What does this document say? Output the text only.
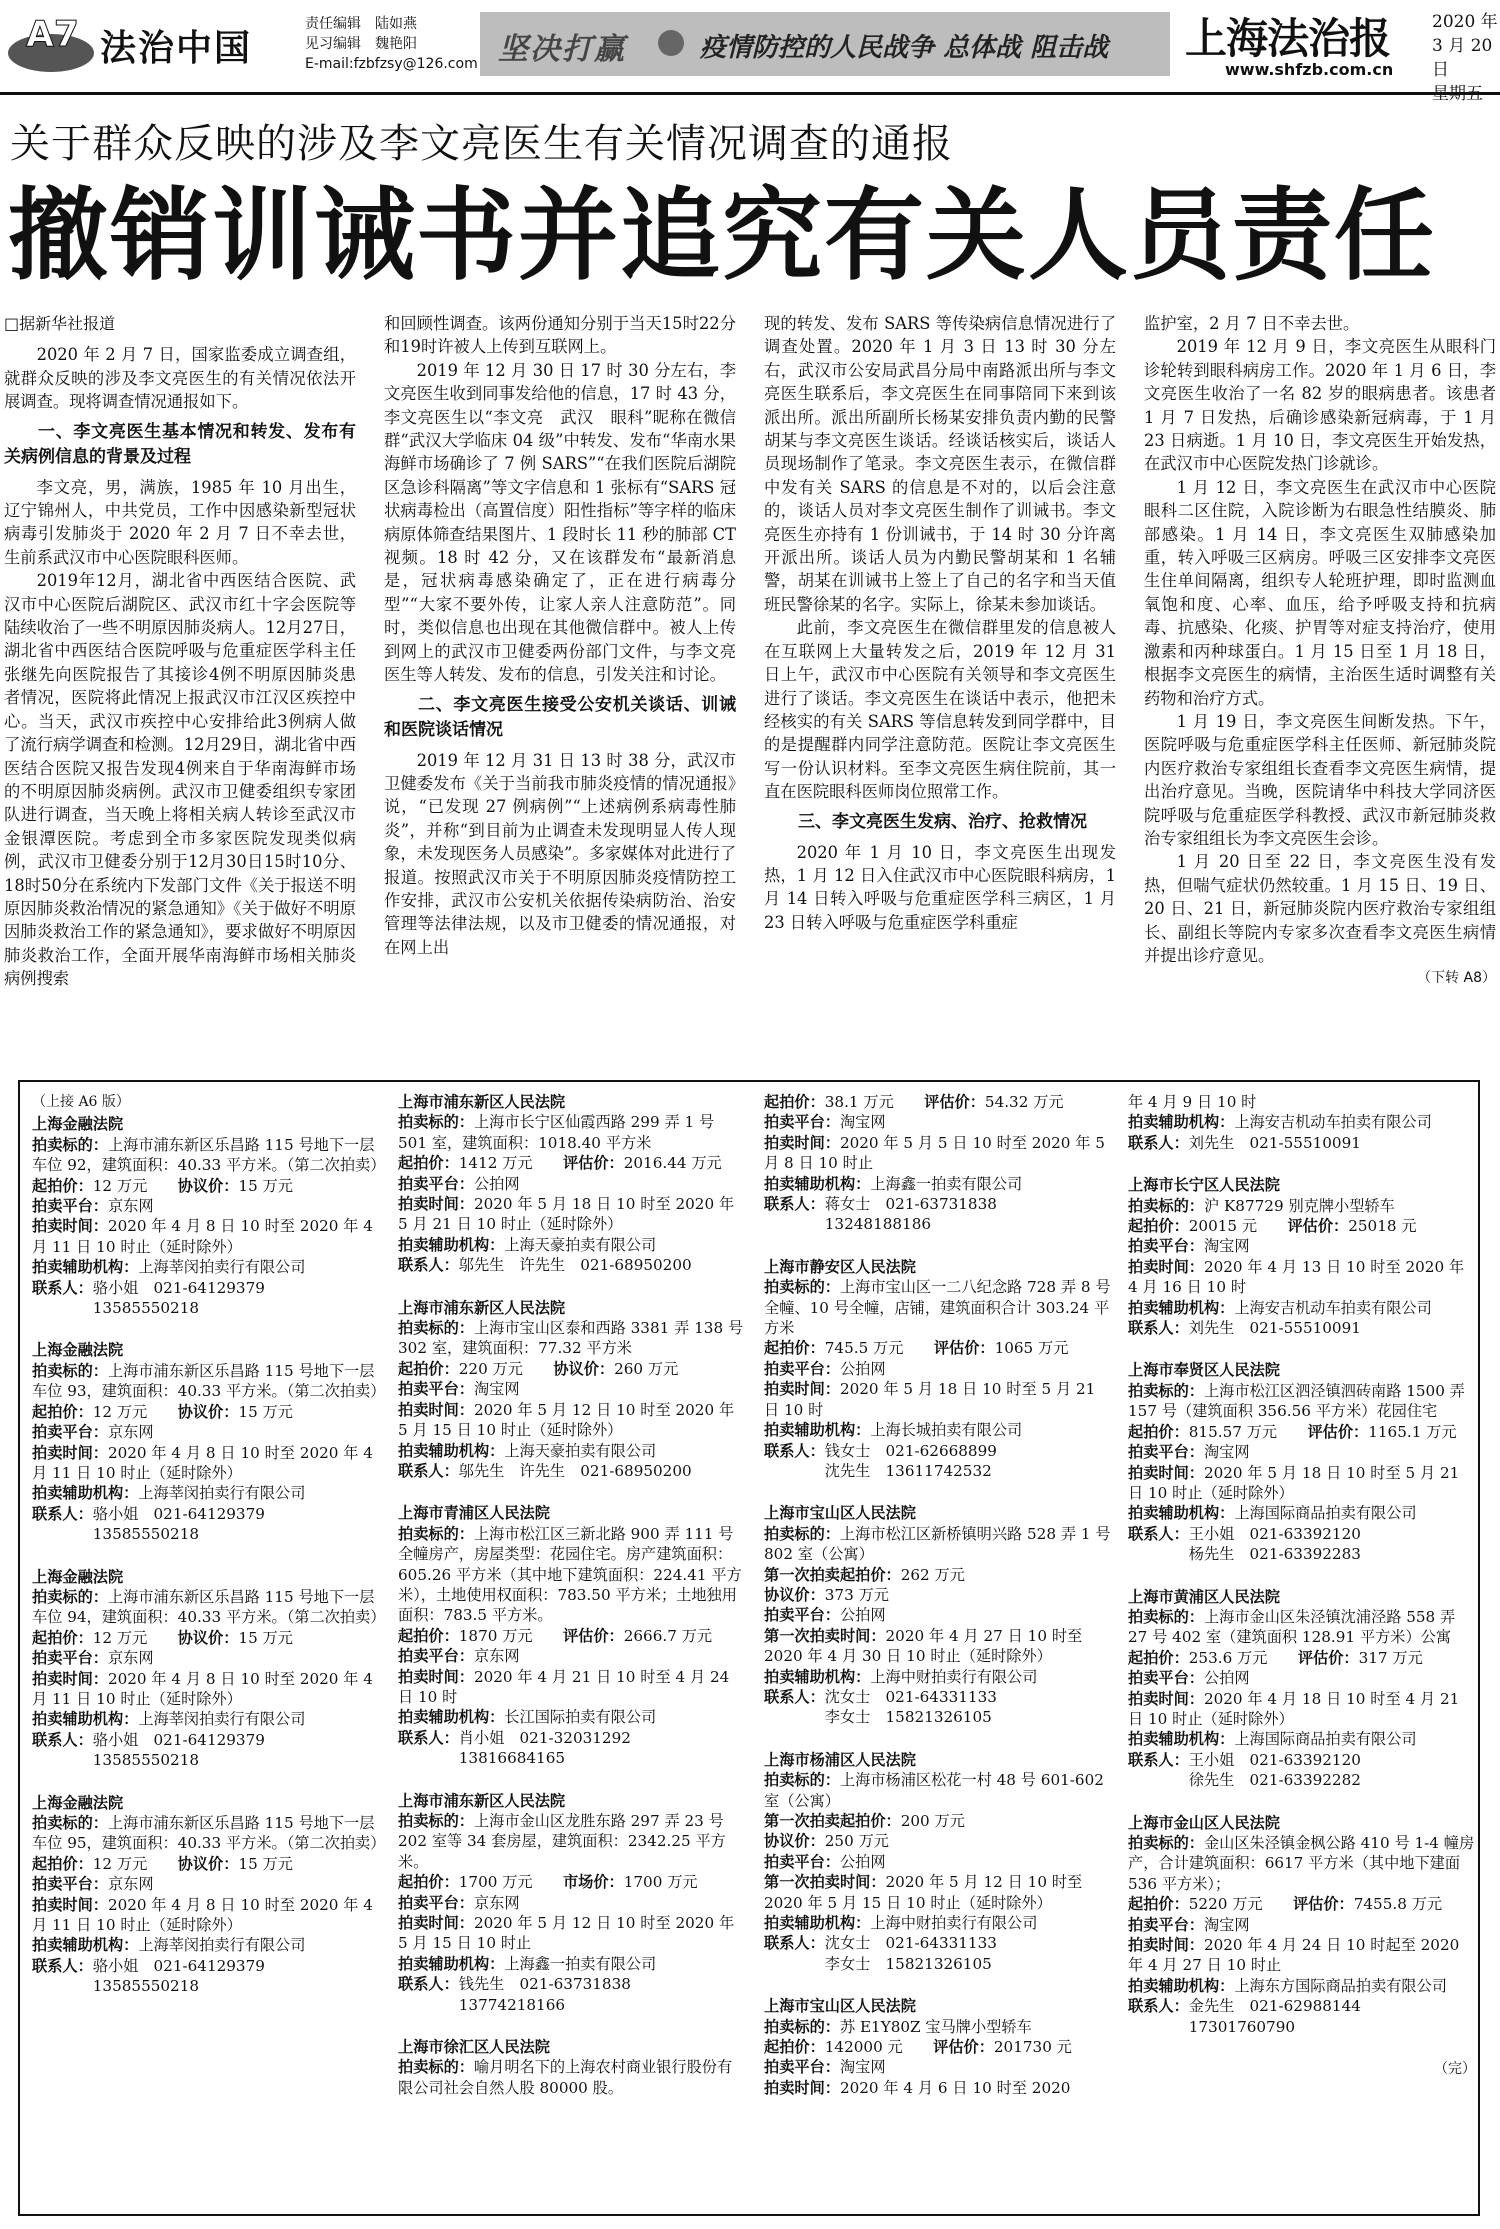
A7 法治中国
责任编辑　陆如燕
见习编辑　魏艳阳
E-mail:fzbfzsy@126.com 坚决打赢	疫情防控的人民战争 总体战 阻击战 上海法治报
www.shfzb.com.cn
2020 年
3 月 20 日
星期五
关于群众反映的涉及李文亮医生有关情况调查的通报
撤销训诫书并追究有关人员责任

□据新华社报道

2020 年 2 月 7 日，国家监委成立调查组，就群众反映的涉及李文亮医生的有关情况依法开展调查。现将调查情况通报如下。

一、李文亮医生基本情况和转发、发布有关病例信息的背景及过程

李文亮，男，满族，1985 年 10 月出生，辽宁锦州人，中共党员，工作中因感染新型冠状病毒引发肺炎于 2020 年 2 月 7 日不幸去世，生前系武汉市中心医院眼科医师。

2019年12月，湖北省中西医结合医院、武汉市中心医院后湖院区、武汉市红十字会医院等陆续收治了一些不明原因肺炎病人。12月27日，湖北省中西医结合医院呼吸与危重症医学科主任张继先向医院报告了其接诊4例不明原因肺炎患者情况，医院将此情况上报武汉市江汉区疾控中心。当天，武汉市疾控中心安排给此3例病人做了流行病学调查和检测。12月29日，湖北省中西医结合医院又报告发现4例来自于华南海鲜市场的不明原因肺炎病例。武汉市卫健委组织专家团队进行调查，当天晚上将相关病人转诊至武汉市金银潭医院。考虑到全市多家医院发现类似病例，武汉市卫健委分别于12月30日15时10分、18时50分在系统内下发部门文件《关于报送不明原因肺炎救治情况的紧急通知》《关于做好不明原因肺炎救治工作的紧急通知》，要求做好不明原因肺炎救治工作，全面开展华南海鲜市场相关肺炎病例搜索

和回顾性调查。该两份通知分别于当天15时22分和19时许被人上传到互联网上。

2019 年 12 月 30 日 17 时 30 分左右，李文亮医生收到同事发给他的信息，17 时 43 分，李文亮医生以“李文亮　武汉　眼科”昵称在微信群“武汉大学临床 04 级”中转发、发布“华南水果海鲜市场确诊了 7 例 SARS”“在我们医院后湖院区急诊科隔离”等文字信息和 1 张标有“SARS 冠状病毒检出（高置信度）阳性指标”等字样的临床病原体筛查结果图片、1 段时长 11 秒的肺部 CT 视频。18 时 42 分，又在该群发布“最新消息是，冠状病毒感染确定了，正在进行病毒分型”“大家不要外传，让家人亲人注意防范”。同时，类似信息也出现在其他微信群中。被人上传到网上的武汉市卫健委两份部门文件，与李文亮医生等人转发、发布的信息，引发关注和讨论。

二、李文亮医生接受公安机关谈话、训诫和医院谈话情况

2019 年 12 月 31 日 13 时 38 分，武汉市卫健委发布《关于当前我市肺炎疫情的情况通报》说，“已发现 27 例病例”“上述病例系病毒性肺炎”，并称“到目前为止调查未发现明显人传人现象，未发现医务人员感染”。多家媒体对此进行了报道。按照武汉市关于不明原因肺炎疫情防控工作安排，武汉市公安机关依据传染病防治、治安管理等法律法规，以及市卫健委的情况通报，对在网上出

现的转发、发布 SARS 等传染病信息情况进行了调查处置。2020 年 1 月 3 日 13 时 30 分左右，武汉市公安局武昌分局中南路派出所与李文亮医生联系后，李文亮医生在同事陪同下来到该派出所。派出所副所长杨某安排负责内勤的民警胡某与李文亮医生谈话。经谈话核实后，谈话人员现场制作了笔录。李文亮医生表示，在微信群中发有关 SARS 的信息是不对的，以后会注意的，谈话人员对李文亮医生制作了训诫书。李文亮医生亦持有 1 份训诫书，于 14 时 30 分许离开派出所。谈话人员为内勤民警胡某和 1 名辅警，胡某在训诫书上签上了自己的名字和当天值班民警徐某的名字。实际上，徐某未参加谈话。

此前，李文亮医生在微信群里发的信息被人在互联网上大量转发之后，2019 年 12 月 31 日上午，武汉市中心医院有关领导和李文亮医生进行了谈话。李文亮医生在谈话中表示，他把未经核实的有关 SARS 等信息转发到同学群中，目的是提醒群内同学注意防范。医院让李文亮医生写一份认识材料。至李文亮医生病住院前，其一直在医院眼科医师岗位照常工作。

三、李文亮医生发病、治疗、抢救情况

2020 年 1 月 10 日，李文亮医生出现发热，1 月 12 日入住武汉市中心医院眼科病房，1 月 14 日转入呼吸与危重症医学科三病区，1 月 23 日转入呼吸与危重症医学科重症

监护室，2 月 7 日不幸去世。

2019 年 12 月 9 日，李文亮医生从眼科门诊轮转到眼科病房工作。2020 年 1 月 6 日，李文亮医生收治了一名 82 岁的眼病患者。该患者 1 月 7 日发热，后确诊感染新冠病毒，于 1 月 23 日病逝。1 月 10 日，李文亮医生开始发热，在武汉市中心医院发热门诊就诊。

1 月 12 日，李文亮医生在武汉市中心医院眼科二区住院，入院诊断为右眼急性结膜炎、肺部感染。1 月 14 日，李文亮医生双肺感染加重，转入呼吸三区病房。呼吸三区安排李文亮医生住单间隔离，组织专人轮班护理，即时监测血氧饱和度、心率、血压，给予呼吸支持和抗病毒、抗感染、化痰、护胃等对症支持治疗，使用激素和丙种球蛋白。1 月 15 日至 1 月 18 日，根据李文亮医生的病情，主治医生适时调整有关药物和治疗方式。

1 月 19 日，李文亮医生间断发热。下午，医院呼吸与危重症医学科主任医师、新冠肺炎院内医疗救治专家组组长查看李文亮医生病情，提出治疗意见。当晚，医院请华中科技大学同济医院呼吸与危重症医学科教授、武汉市新冠肺炎救治专家组组长为李文亮医生会诊。

1 月 20 日至 22 日，李文亮医生没有发热，但喘气症状仍然较重。1 月 15 日、19 日、20 日、21 日，新冠肺炎院内医疗救治专家组组长、副组长等院内专家多次查看李文亮医生病情并提出诊疗意见。

（下转 A8）

（上接 A6 版）
上海金融法院
拍卖标的：上海市浦东新区乐昌路 115 号地下一层车位 92，建筑面积：40.33 平方米。（第二次拍卖）
起拍价：12 万元　　协议价：15 万元
拍卖平台：京东网
拍卖时间：2020 年 4 月 8 日 10 时至 2020 年 4 月 11 日 10 时止（延时除外）
拍卖辅助机构：上海莘闵拍卖行有限公司
联系人：骆小姐　021-64129379
　　　　13585550218
上海金融法院
拍卖标的：上海市浦东新区乐昌路 115 号地下一层车位 93，建筑面积：40.33 平方米。（第二次拍卖）
起拍价：12 万元　　协议价：15 万元
拍卖平台：京东网
拍卖时间：2020 年 4 月 8 日 10 时至 2020 年 4 月 11 日 10 时止（延时除外）
拍卖辅助机构：上海莘闵拍卖行有限公司
联系人：骆小姐　021-64129379
　　　　13585550218
上海金融法院
拍卖标的：上海市浦东新区乐昌路 115 号地下一层车位 94，建筑面积：40.33 平方米。（第二次拍卖）
起拍价：12 万元　　协议价：15 万元
拍卖平台：京东网
拍卖时间：2020 年 4 月 8 日 10 时至 2020 年 4 月 11 日 10 时止（延时除外）
拍卖辅助机构：上海莘闵拍卖行有限公司
联系人：骆小姐　021-64129379
　　　　13585550218
上海金融法院
拍卖标的：上海市浦东新区乐昌路 115 号地下一层车位 95，建筑面积：40.33 平方米。（第二次拍卖）
起拍价：12 万元　　协议价：15 万元
拍卖平台：京东网
拍卖时间：2020 年 4 月 8 日 10 时至 2020 年 4 月 11 日 10 时止（延时除外）
拍卖辅助机构：上海莘闵拍卖行有限公司
联系人：骆小姐　021-64129379
　　　　13585550218
上海市浦东新区人民法院
拍卖标的：上海市长宁区仙霞西路 299 弄 1 号 501 室，建筑面积：1018.40 平方米
起拍价：1412 万元　　评估价：2016.44 万元
拍卖平台：公拍网
拍卖时间：2020 年 5 月 18 日 10 时至 2020 年 5 月 21 日 10 时止（延时除外）
拍卖辅助机构：上海天豪拍卖有限公司
联系人：邬先生　许先生　021-68950200
上海市浦东新区人民法院
拍卖标的：上海市宝山区泰和西路 3381 弄 138 号 302 室，建筑面积：77.32 平方米
起拍价：220 万元　　协议价：260 万元
拍卖平台：淘宝网
拍卖时间：2020 年 5 月 12 日 10 时至 2020 年 5 月 15 日 10 时止（延时除外）
拍卖辅助机构：上海天豪拍卖有限公司
联系人：邬先生　许先生　021-68950200
上海市青浦区人民法院
拍卖标的：上海市松江区三新北路 900 弄 111 号全幢房产，房屋类型：花园住宅。房产建筑面积：605.26 平方米（其中地下建筑面积：224.41 平方米），土地使用权面积：783.50 平方米；土地独用面积：783.5 平方米。
起拍价：1870 万元　　评估价：2666.7 万元
拍卖平台：京东网
拍卖时间：2020 年 4 月 21 日 10 时至 4 月 24 日 10 时
拍卖辅助机构：长江国际拍卖有限公司
联系人：肖小姐　021-32031292
　　　　13816684165
上海市浦东新区人民法院
拍卖标的：上海市金山区龙胜东路 297 弄 23 号 202 室等 34 套房屋，建筑面积：2342.25 平方米。
起拍价：1700 万元　　市场价：1700 万元
拍卖平台：京东网
拍卖时间：2020 年 5 月 12 日 10 时至 2020 年 5 月 15 日 10 时止
拍卖辅助机构：上海鑫一拍卖有限公司
联系人：钱先生　021-63731838
　　　　13774218166
上海市徐汇区人民法院
拍卖标的：喻月明名下的上海农村商业银行股份有限公司社会自然人股 80000 股。
起拍价：38.1 万元　　评估价：54.32 万元
拍卖平台：淘宝网
拍卖时间：2020 年 5 月 5 日 10 时至 2020 年 5 月 8 日 10 时止
拍卖辅助机构：上海鑫一拍卖有限公司
联系人：蒋女士　021-63731838
　　　　13248188186
上海市静安区人民法院
拍卖标的：上海市宝山区一二八纪念路 728 弄 8 号全幢、10 号全幢，店铺，建筑面积合计 303.24 平方米
起拍价：745.5 万元　　评估价：1065 万元
拍卖平台：公拍网
拍卖时间：2020 年 5 月 18 日 10 时至 5 月 21 日 10 时
拍卖辅助机构：上海长城拍卖有限公司
联系人：钱女士　021-62668899
　　　　沈先生　13611742532
上海市宝山区人民法院
拍卖标的：上海市松江区新桥镇明兴路 528 弄 1 号 802 室（公寓）
第一次拍卖起拍价：262 万元
协议价：373 万元
拍卖平台：公拍网
第一次拍卖时间：2020 年 4 月 27 日 10 时至 2020 年 4 月 30 日 10 时止（延时除外）
拍卖辅助机构：上海中财拍卖行有限公司
联系人：沈女士　021-64331133
　　　　李女士　15821326105
上海市杨浦区人民法院
拍卖标的：上海市杨浦区松花一村 48 号 601-602 室（公寓）
第一次拍卖起拍价：200 万元
协议价：250 万元
拍卖平台：公拍网
第一次拍卖时间：2020 年 5 月 12 日 10 时至 2020 年 5 月 15 日 10 时止（延时除外）
拍卖辅助机构：上海中财拍卖行有限公司
联系人：沈女士　021-64331133
　　　　李女士　15821326105
上海市宝山区人民法院
拍卖标的：苏 E1Y80Z 宝马牌小型轿车
起拍价：142000 元　　评估价：201730 元
拍卖平台：淘宝网
拍卖时间：2020 年 4 月 6 日 10 时至 2020
年 4 月 9 日 10 时
拍卖辅助机构：上海安吉机动车拍卖有限公司
联系人：刘先生　021-55510091
上海市长宁区人民法院
拍卖标的：沪 K87729 别克牌小型轿车
起拍价：20015 元　　评估价：25018 元
拍卖平台：淘宝网
拍卖时间：2020 年 4 月 13 日 10 时至 2020 年 4 月 16 日 10 时
拍卖辅助机构：上海安吉机动车拍卖有限公司
联系人：刘先生　021-55510091
上海市奉贤区人民法院
拍卖标的：上海市松江区泗泾镇泗砖南路 1500 弄 157 号（建筑面积 356.56 平方米）花园住宅
起拍价：815.57 万元　　评估价：1165.1 万元
拍卖平台：淘宝网
拍卖时间：2020 年 5 月 18 日 10 时至 5 月 21 日 10 时止（延时除外）
拍卖辅助机构：上海国际商品拍卖有限公司
联系人：王小姐　021-63392120
　　　　杨先生　021-63392283
上海市黄浦区人民法院
拍卖标的：上海市金山区朱泾镇沈浦泾路 558 弄 27 号 402 室（建筑面积 128.91 平方米）公寓
起拍价：253.6 万元　　评估价：317 万元
拍卖平台：公拍网
拍卖时间：2020 年 4 月 18 日 10 时至 4 月 21 日 10 时止（延时除外）
拍卖辅助机构：上海国际商品拍卖有限公司
联系人：王小姐　021-63392120
　　　　徐先生　021-63392282
上海市金山区人民法院
拍卖标的：金山区朱泾镇金枫公路 410 号 1-4 幢房产，合计建筑面积：6617 平方米（其中地下建面 536 平方米）；
起拍价：5220 万元　　评估价：7455.8 万元
拍卖平台：淘宝网
拍卖时间：2020 年 4 月 24 日 10 时起至 2020 年 4 月 27 日 10 时止
拍卖辅助机构：上海东方国际商品拍卖有限公司
联系人：金先生　021-62988144
　　　　17301760790
（完）
